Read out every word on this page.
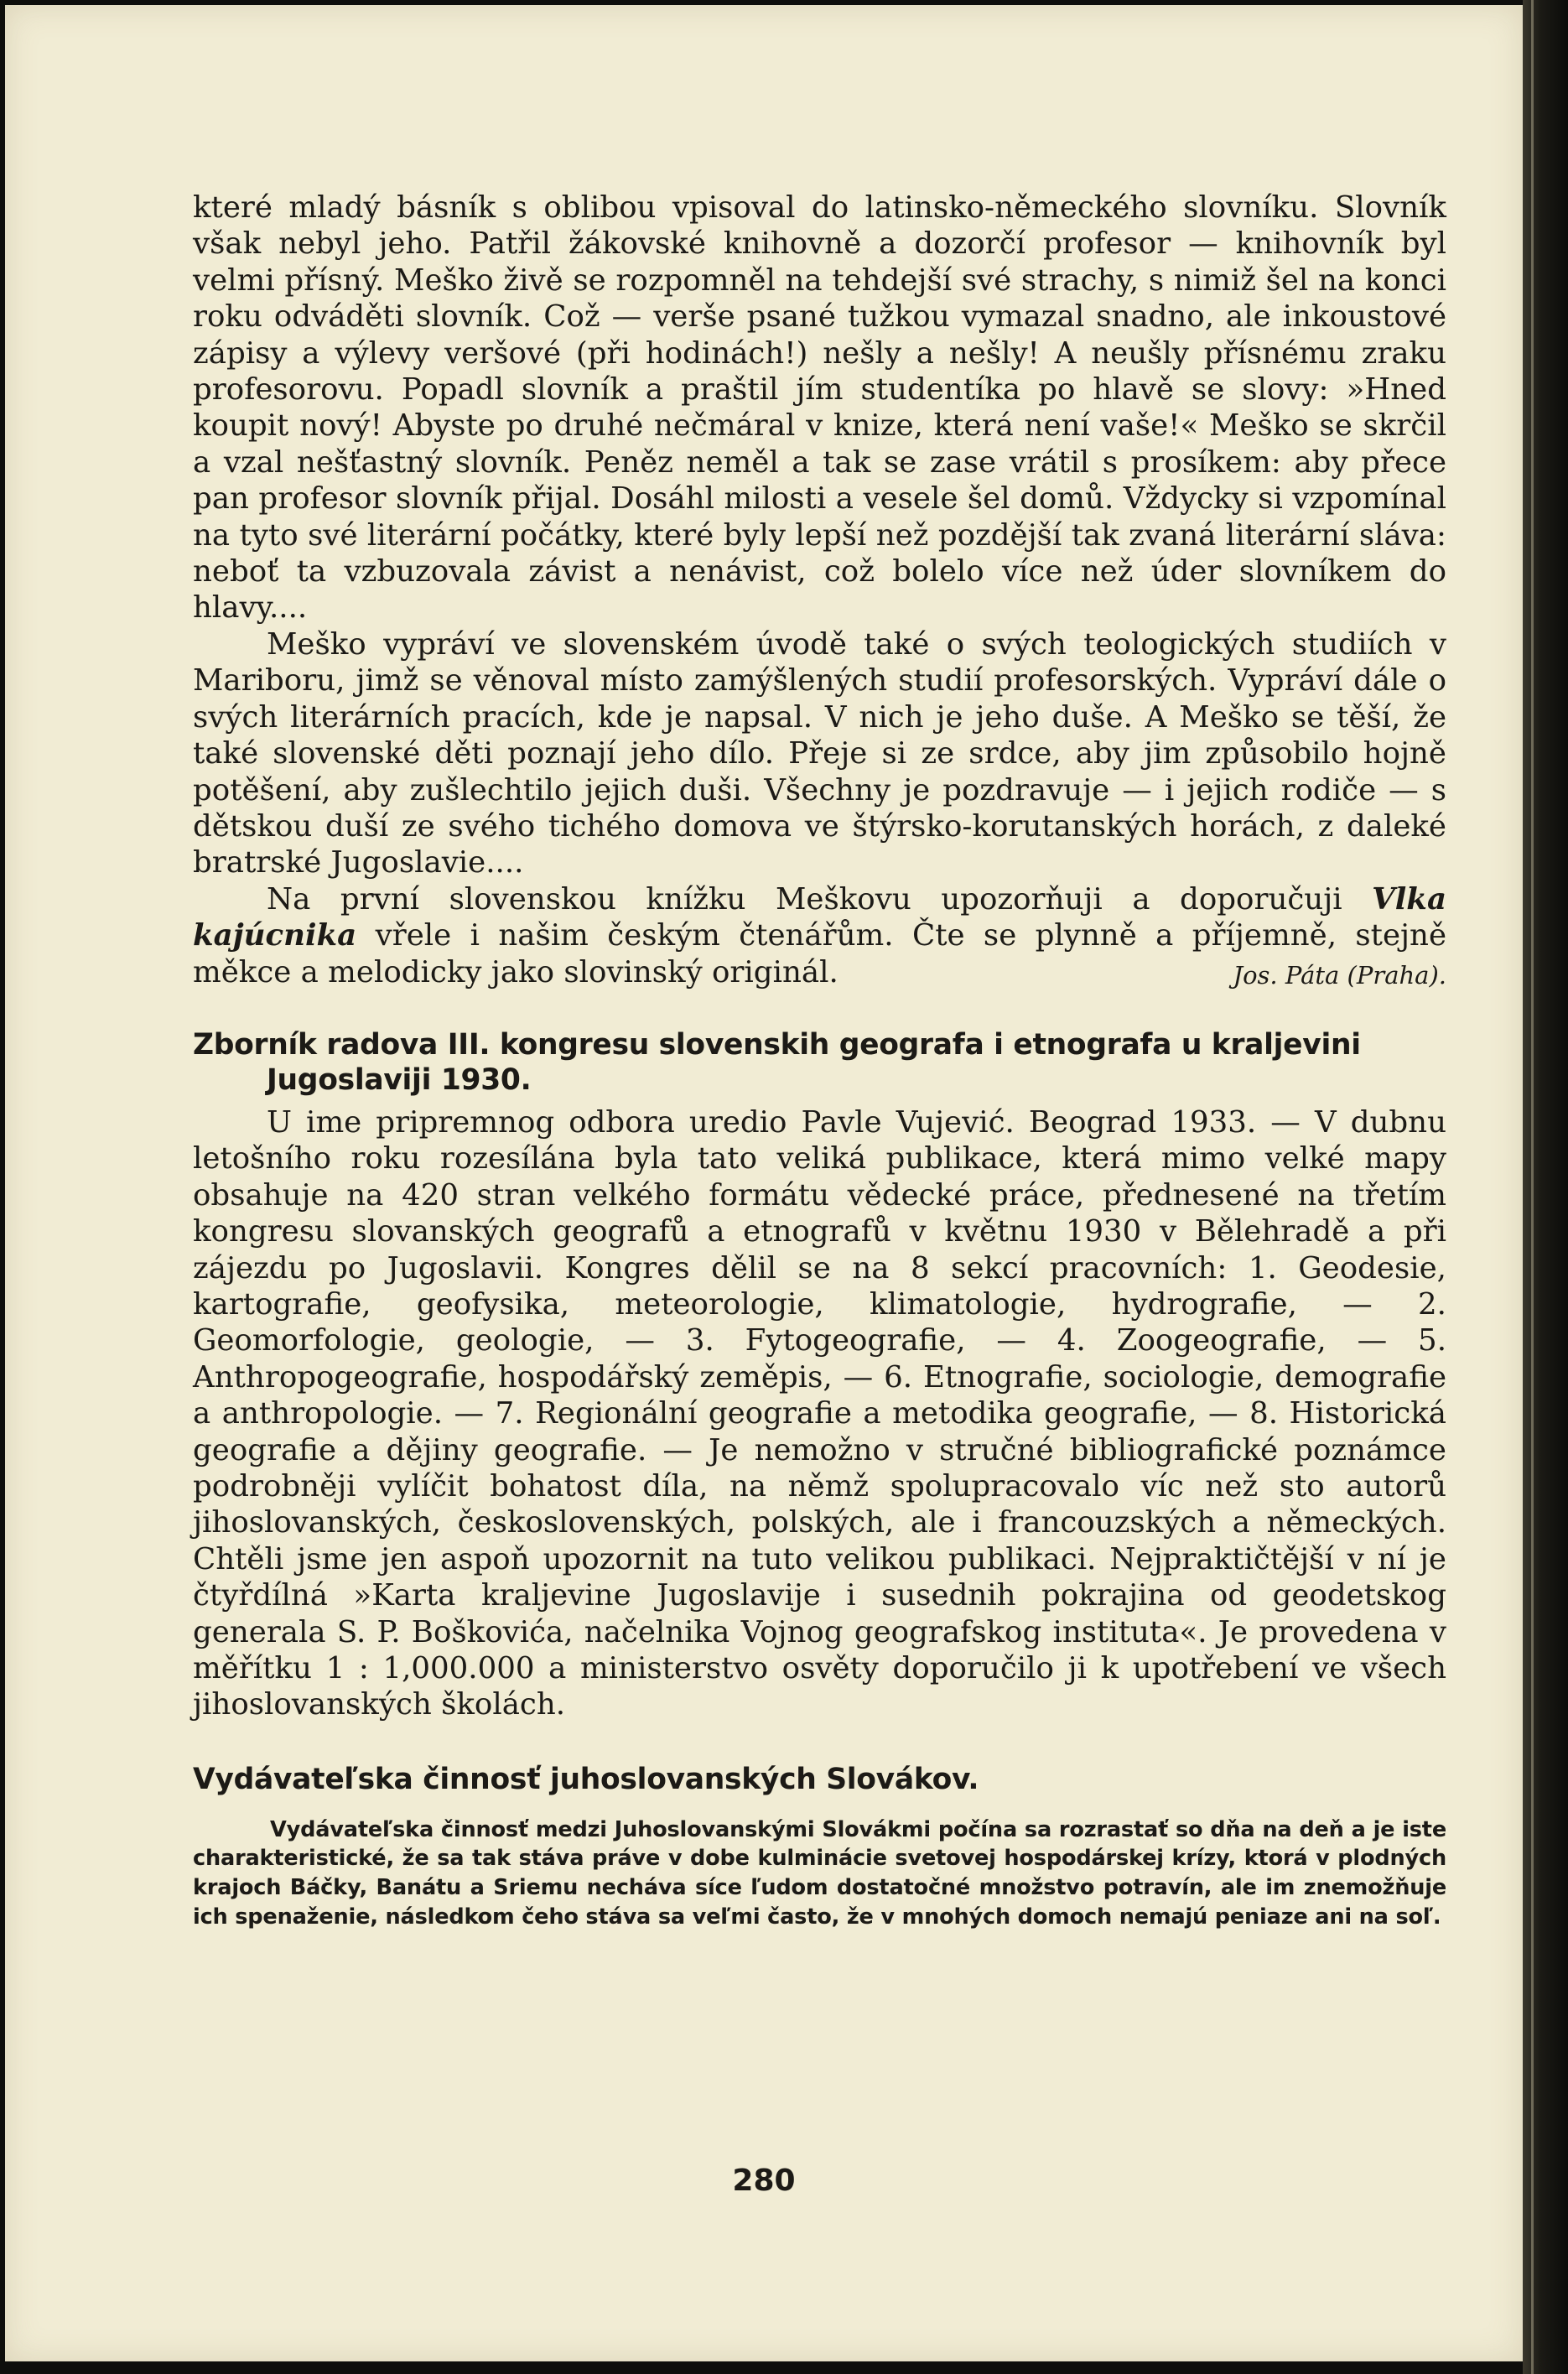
které mladý básník s oblibou vpisoval do latinsko-německého slovníku. Slovník však nebyl jeho. Patřil žákovské knihovně a dozorčí profesor — knihovník byl velmi přísný. Meško živě se rozpomněl na tehdejší své strachy, s nimiž šel na konci roku odváděti slovník. Což — verše psané tužkou vymazal snadno, ale inkoustové zápisy a výlevy veršové (při hodinách!) nešly a nešly! A neušly přísnému zraku profesorovu. Popadl slovník a praštil jím studentíka po hlavě se slovy: »Hned koupit nový! Abyste po druhé nečmáral v knize, která není vaše!« Meško se skrčil a vzal nešťastný slovník. Peněz neměl a tak se zase vrátil s prosíkem: aby přece pan profesor slovník přijal. Dosáhl milosti a vesele šel domů. Vždycky si vzpomínal na tyto své literární počátky, které byly lepší než pozdější tak zvaná literární sláva: neboť ta vzbuzovala závist a nenávist, což bolelo více než úder slovníkem do hlavy....

Meško vypráví ve slovenském úvodě také o svých teologických studiích v Mariboru, jimž se věnoval místo zamýšlených studií profesorských. Vypráví dále o svých literárních pracích, kde je napsal. V nich je jeho duše. A Meško se těší, že také slovenské děti poznají jeho dílo. Přeje si ze srdce, aby jim způsobilo hojně potěšení, aby zušlechtilo jejich duši. Všechny je pozdravuje — i jejich rodiče — s dětskou duší ze svého tichého domova ve štýrsko-korutanských horách, z daleké bratrské Jugoslavie....

Na první slovenskou knížku Meškovu upozorňuji a doporučuji Vlka kajúcnika vřele i našim českým čtenářům. Čte se plynně a příjemně, stejně měkce a melodicky jako slovinský originál.	Jos. Páta (Praha).

Zborník radova III. kongresu slovenskih geografa i etnografa u kraljevini Jugoslaviji 1930.

U ime pripremnog odbora uredio Pavle Vujević. Beograd 1933. — V dubnu letošního roku rozesílána byla tato veliká publikace, která mimo velké mapy obsahuje na 420 stran velkého formátu vědecké práce, přednesené na třetím kongresu slovanských geografů a etnografů v květnu 1930 v Bělehradě a při zájezdu po Jugoslavii. Kongres dělil se na 8 sekcí pracovních: 1. Geodesie, kartografie, geofysika, meteorologie, klimatologie, hydrografie, — 2. Geomorfologie, geologie, — 3. Fytogeografie, — 4. Zoogeografie, — 5. Anthropogeografie, hospodářský zeměpis, — 6. Etnografie, sociologie, demografie a anthropologie. — 7. Regionální geografie a metodika geografie, — 8. Historická geografie a dějiny geografie. — Je nemožno v stručné bibliografické poznámce podrobněji vylíčit bohatost díla, na němž spolupracovalo víc než sto autorů jihoslovanských, československých, polských, ale i francouzských a německých. Chtěli jsme jen aspoň upozornit na tuto velikou publikaci. Nejpraktičtější v ní je čtyřdílná »Karta kraljevine Jugoslavije i susednih pokrajina od geodetskog generala S. P. Boškovića, načelnika Vojnog geografskog instituta«. Je provedena v měřítku 1 : 1,000.000 a ministerstvo osvěty doporučilo ji k upotřebení ve všech jihoslovanských školách.

Vydávateľska činnosť juhoslovanských Slovákov.

Vydávateľska činnosť medzi Juhoslovanskými Slovákmi počína sa rozrastať so dňa na deň a je iste charakteristické, že sa tak stáva práve v dobe kulminácie svetovej hospodárskej krízy, ktorá v plodných krajoch Báčky, Banátu a Sriemu necháva síce ľudom dostatočné množstvo potravín, ale im znemožňuje ich spenaženie, následkom čeho stáva sa veľmi často, že v mnohých domoch nemajú peniaze ani na soľ.

280
